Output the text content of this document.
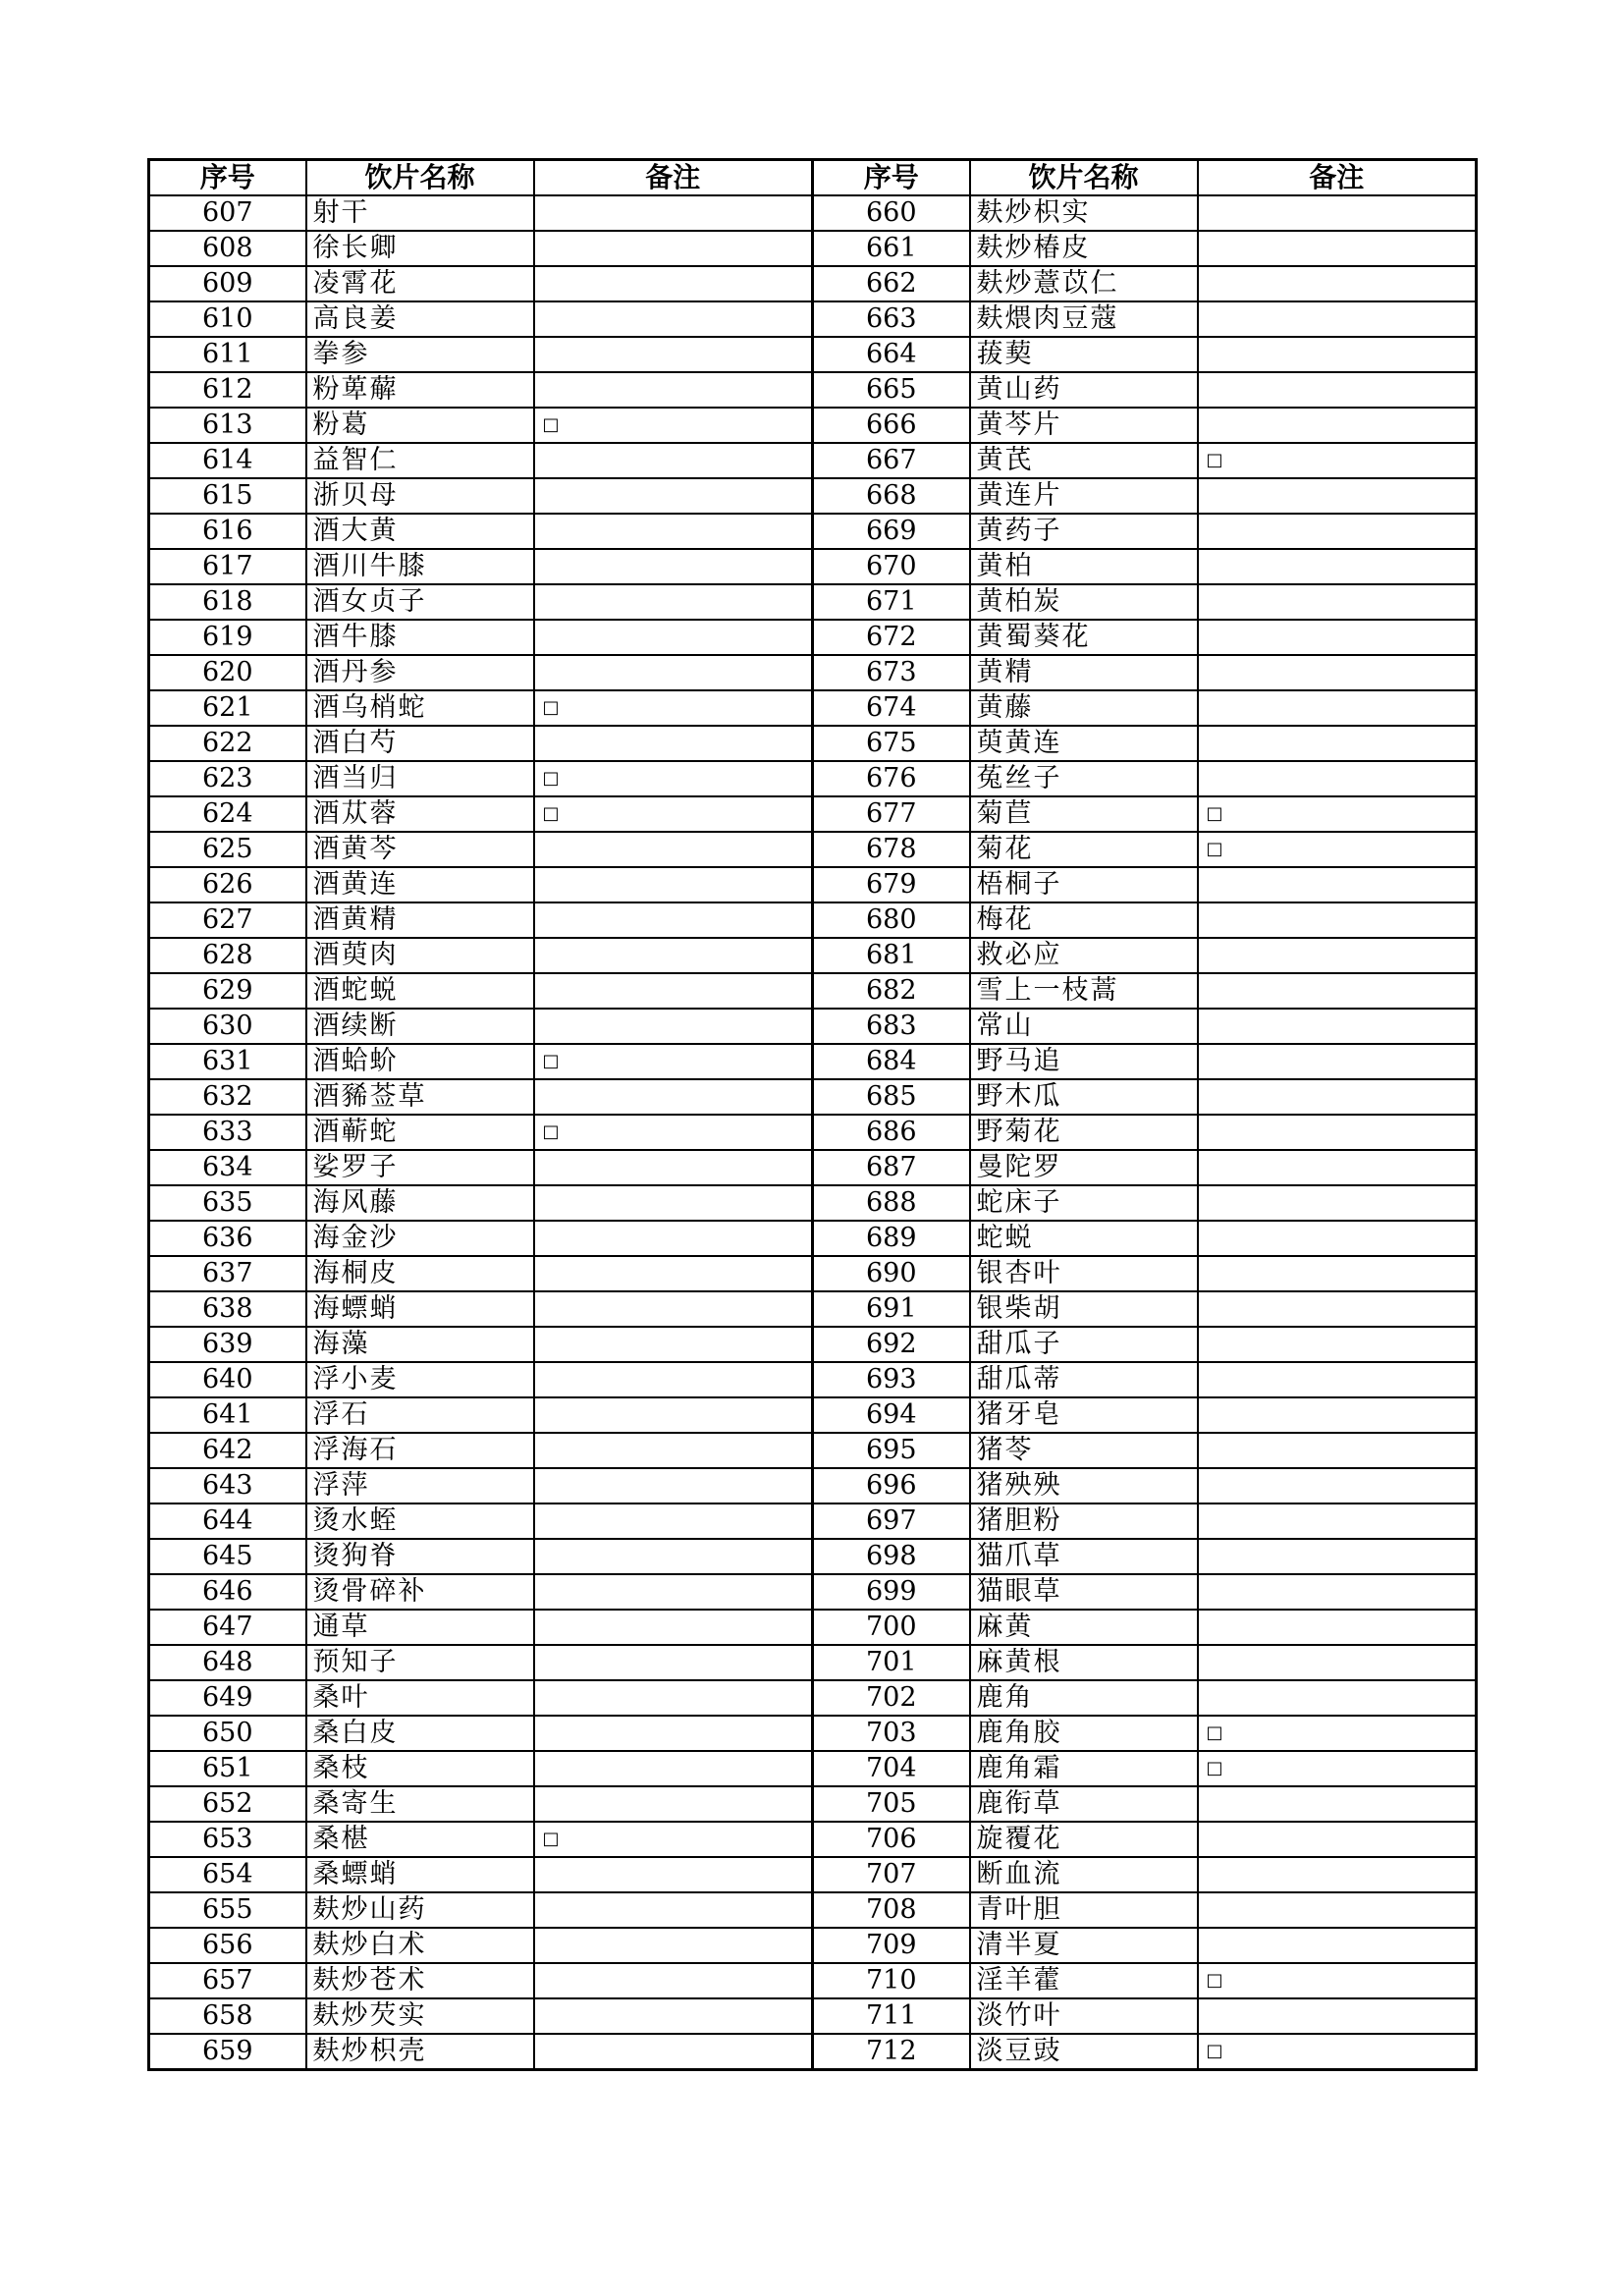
序号	饮片名称	备注	序号	饮片名称	备注
607	射干		660	麸炒枳实	
608	徐长卿		661	麸炒椿皮	
609	凌霄花		662	麸炒薏苡仁	
610	高良姜		663	麸煨肉豆蔻	
611	拳参		664	菝葜	
612	粉萆薢		665	黄山药	
613	粉葛	□	666	黄芩片	
614	益智仁		667	黄芪	□
615	浙贝母		668	黄连片	
616	酒大黄		669	黄药子	
617	酒川牛膝		670	黄柏	
618	酒女贞子		671	黄柏炭	
619	酒牛膝		672	黄蜀葵花	
620	酒丹参		673	黄精	
621	酒乌梢蛇	□	674	黄藤	
622	酒白芍		675	萸黄连	
623	酒当归	□	676	菟丝子	
624	酒苁蓉	□	677	菊苣	□
625	酒黄芩		678	菊花	□
626	酒黄连		679	梧桐子	
627	酒黄精		680	梅花	
628	酒萸肉		681	救必应	
629	酒蛇蜕		682	雪上一枝蒿	
630	酒续断		683	常山	
631	酒蛤蚧	□	684	野马追	
632	酒豨莶草		685	野木瓜	
633	酒蕲蛇	□	686	野菊花	
634	娑罗子		687	曼陀罗	
635	海风藤		688	蛇床子	
636	海金沙		689	蛇蜕	
637	海桐皮		690	银杏叶	
638	海螵蛸		691	银柴胡	
639	海藻		692	甜瓜子	
640	浮小麦		693	甜瓜蒂	
641	浮石		694	猪牙皂	
642	浮海石		695	猪苓	
643	浮萍		696	猪殃殃	
644	烫水蛭		697	猪胆粉	
645	烫狗脊		698	猫爪草	
646	烫骨碎补		699	猫眼草	
647	通草		700	麻黄	
648	预知子		701	麻黄根	
649	桑叶		702	鹿角	
650	桑白皮		703	鹿角胶	□
651	桑枝		704	鹿角霜	□
652	桑寄生		705	鹿衔草	
653	桑椹	□	706	旋覆花	
654	桑螵蛸		707	断血流	
655	麸炒山药		708	青叶胆	
656	麸炒白术		709	清半夏	
657	麸炒苍术		710	淫羊藿	□
658	麸炒芡实		711	淡竹叶	
659	麸炒枳壳		712	淡豆豉	□
